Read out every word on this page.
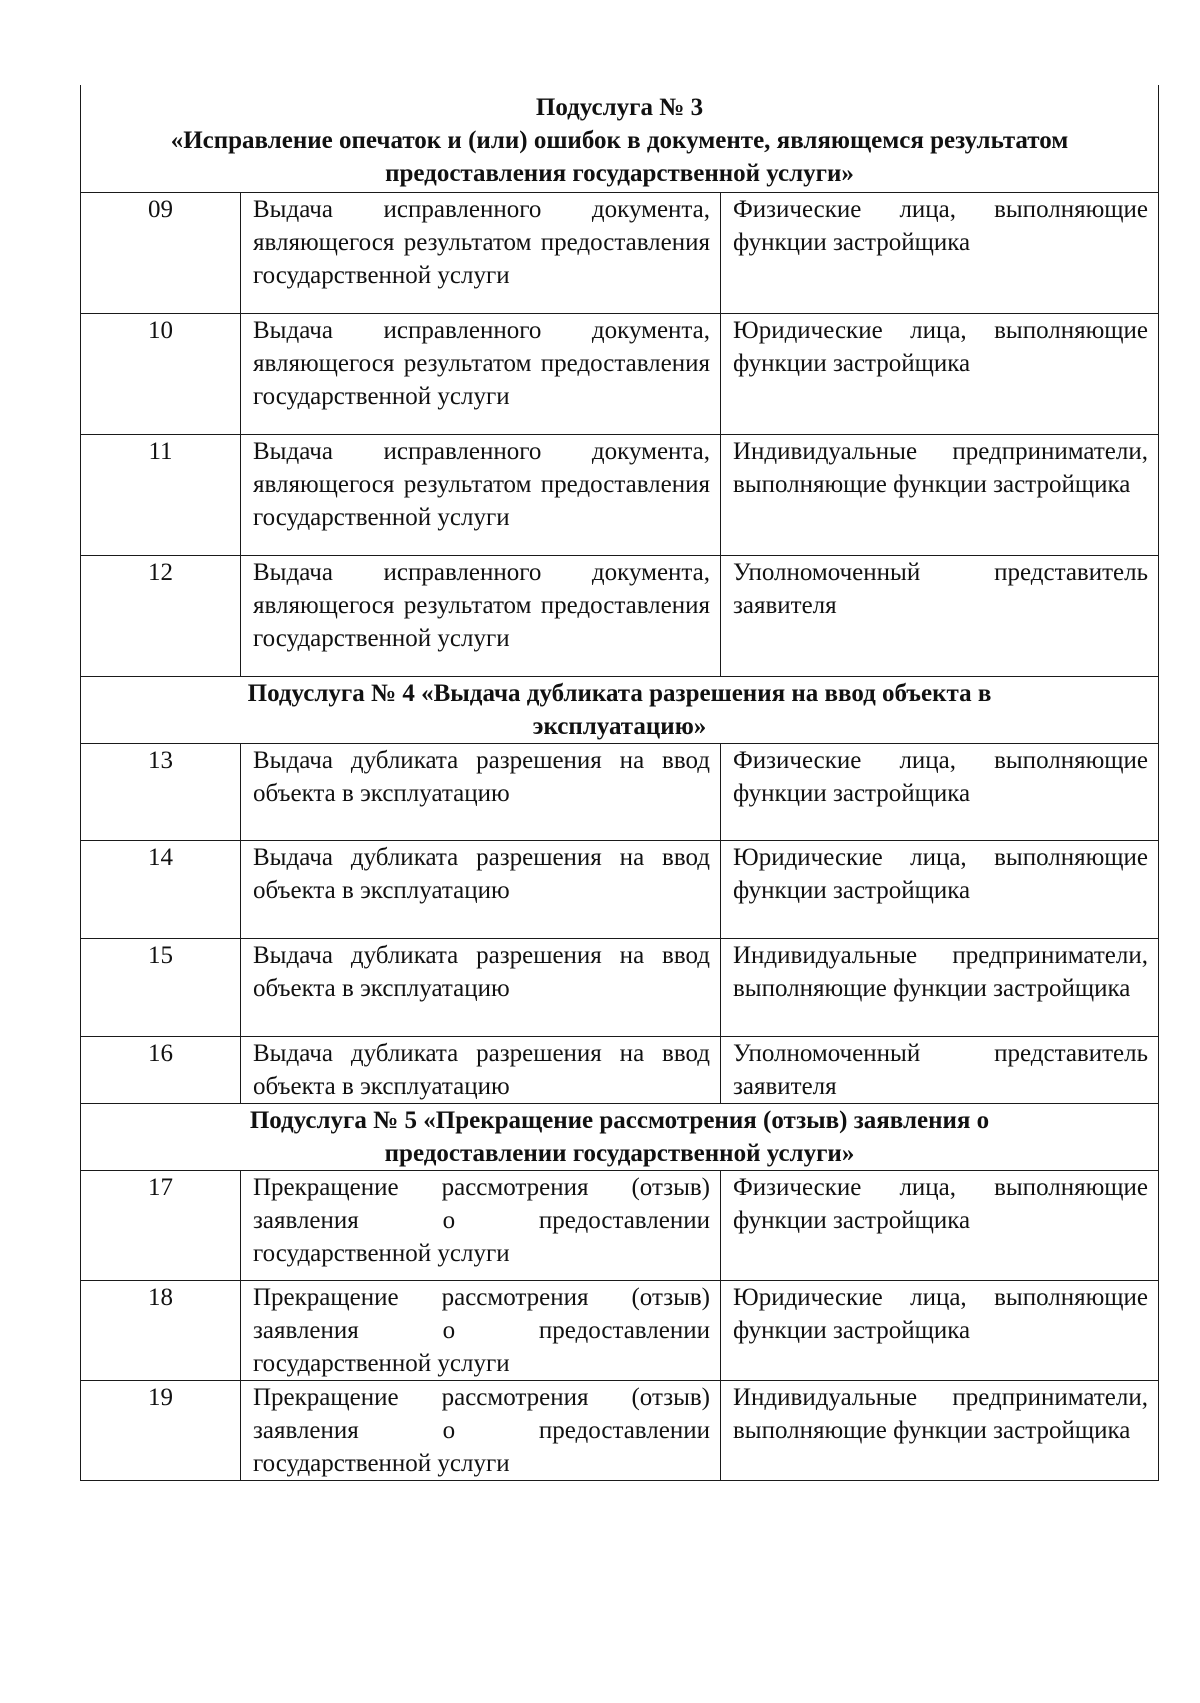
Подуслуга № 3
«Исправление опечаток и (или) ошибок в документе, являющемся результатом
предоставления государственной услуги»		

09	Выдача исправленного документа, являющегося результатом предоставления государственной услуги	Физические лица, выполняющие функции застройщика

10	Выдача исправленного документа, являющегося результатом предоставления государственной услуги	Юридические лица, выполняющие функции застройщика

11	Выдача исправленного документа, являющегося результатом предоставления государственной услуги	Индивидуальные предприниматели, выполняющие функции застройщика

12	Выдача исправленного документа, являющегося результатом предоставления государственной услуги	Уполномоченный представитель заявителя

Подуслуга № 4 «Выдача дубликата разрешения на ввод объекта в
эксплуатацию»		

13	Выдача дубликата разрешения на ввод объекта в эксплуатацию	Физические лица, выполняющие функции застройщика

14	Выдача дубликата разрешения на ввод объекта в эксплуатацию	Юридические лица, выполняющие функции застройщика

15	Выдача дубликата разрешения на ввод объекта в эксплуатацию	Индивидуальные предприниматели, выполняющие функции застройщика

16	Выдача дубликата разрешения на ввод объекта в эксплуатацию	Уполномоченный представитель заявителя

Подуслуга № 5 «Прекращение рассмотрения (отзыв) заявления о
предоставлении государственной услуги»		

17	Прекращение рассмотрения (отзыв) заявления о предоставлении государственной услуги	Физические лица, выполняющие функции застройщика

18	Прекращение рассмотрения (отзыв) заявления о предоставлении государственной услуги	Юридические лица, выполняющие функции застройщика

19	Прекращение рассмотрения (отзыв) заявления о предоставлении государственной услуги	Индивидуальные предприниматели, выполняющие функции застройщика
